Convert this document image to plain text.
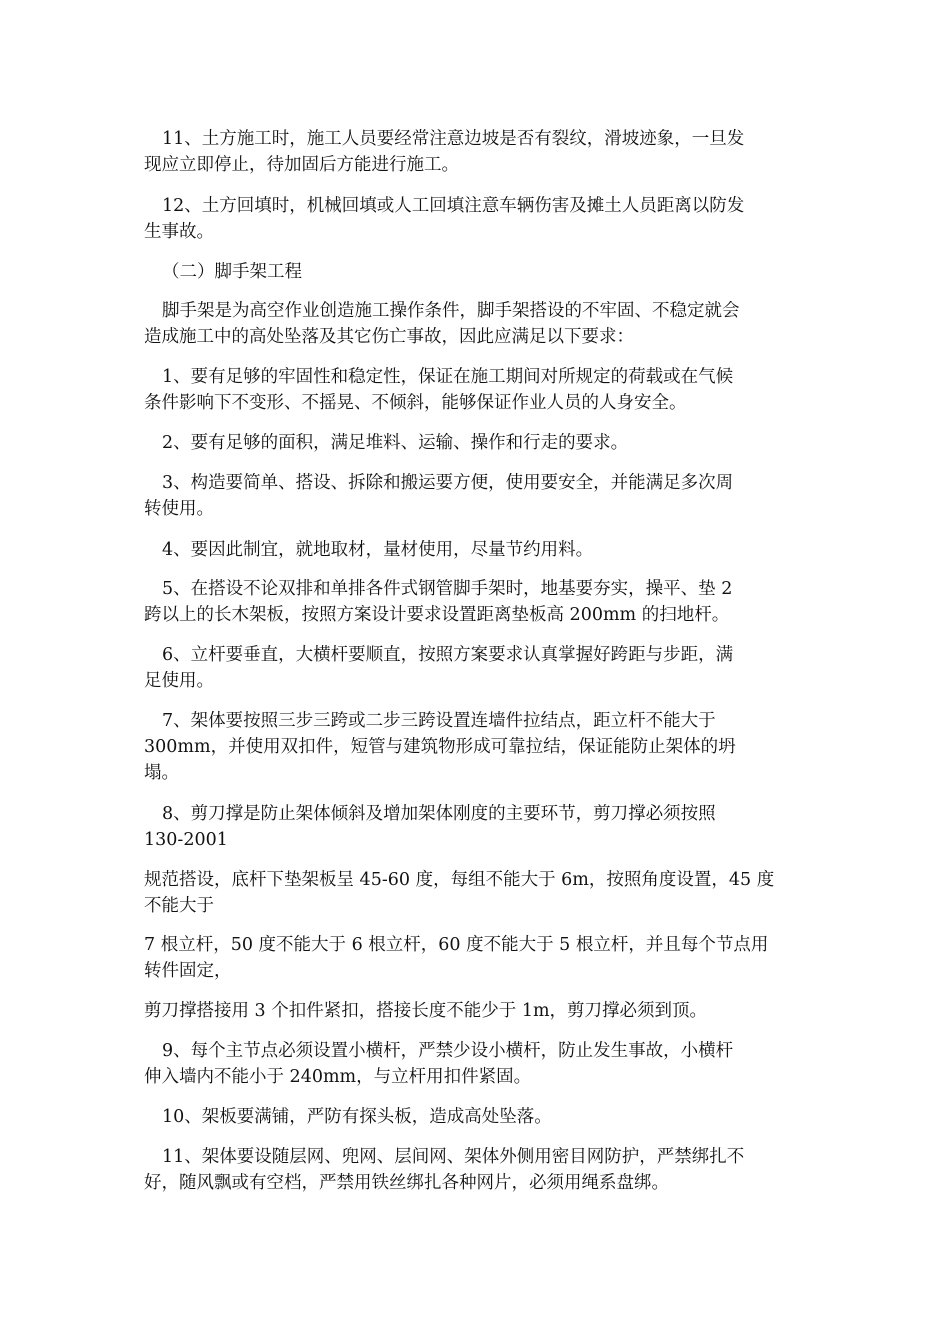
11、土方施工时，施工人员要经常注意边坡是否有裂纹，滑坡迹象，一旦发
现应立即停止，待加固后方能进行施工。

12、土方回填时，机械回填或人工回填注意车辆伤害及摊土人员距离以防发
生事故。

（二）脚手架工程

脚手架是为高空作业创造施工操作条件，脚手架搭设的不牢固、不稳定就会
造成施工中的高处坠落及其它伤亡事故，因此应满足以下要求：

1、要有足够的牢固性和稳定性，保证在施工期间对所规定的荷载或在气候
条件影响下不变形、不摇晃、不倾斜，能够保证作业人员的人身安全。

2、要有足够的面积，满足堆料、运输、操作和行走的要求。

3、构造要简单、搭设、拆除和搬运要方便，使用要安全，并能满足多次周
转使用。

4、要因此制宜，就地取材，量材使用，尽量节约用料。

5、在搭设不论双排和单排各件式钢管脚手架时，地基要夯实，操平、垫 2
跨以上的长木架板，按照方案设计要求设置距离垫板高 200mm 的扫地杆。

6、立杆要垂直，大横杆要顺直，按照方案要求认真掌握好跨距与步距，满
足使用。

7、架体要按照三步三跨或二步三跨设置连墙件拉结点，距立杆不能大于
300mm，并使用双扣件，短管与建筑物形成可靠拉结，保证能防止架体的坍
塌。

8、剪刀撑是防止架体倾斜及增加架体刚度的主要环节，剪刀撑必须按照
130-2001

规范搭设，底杆下垫架板呈 45-60 度，每组不能大于 6m，按照角度设置，45 度
不能大于

7 根立杆，50 度不能大于 6 根立杆，60 度不能大于 5 根立杆，并且每个节点用
转件固定，

剪刀撑搭接用 3 个扣件紧扣，搭接长度不能少于 1m，剪刀撑必须到顶。

9、每个主节点必须设置小横杆，严禁少设小横杆，防止发生事故，小横杆
伸入墙内不能小于 240mm，与立杆用扣件紧固。

10、架板要满铺，严防有探头板，造成高处坠落。

11、架体要设随层网、兜网、层间网、架体外侧用密目网防护，严禁绑扎不
好，随风飘或有空档，严禁用铁丝绑扎各种网片，必须用绳系盘绑。
